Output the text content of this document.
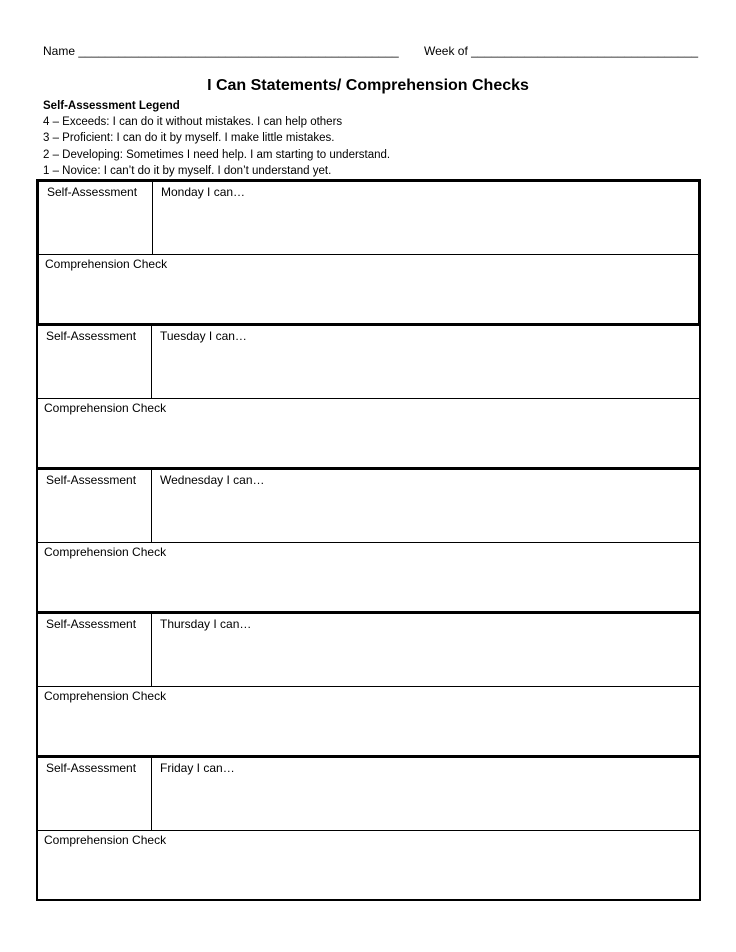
Name ________________________________________________ Week of __________________________________
I Can Statements/ Comprehension Checks
Self-Assessment Legend
4 – Exceeds: I can do it without mistakes. I can help others
3 – Proficient: I can do it by myself. I make little mistakes.
2 – Developing: Sometimes I need help. I am starting to understand.
1 – Novice: I can’t do it by myself. I don’t understand yet.
Self-Assessment	Monday I can…
Comprehension Check
Self-Assessment	Tuesday I can…
Comprehension Check
Self-Assessment	Wednesday I can…
Comprehension Check
Self-Assessment	Thursday I can…
Comprehension Check
Self-Assessment	Friday I can…
Comprehension Check
